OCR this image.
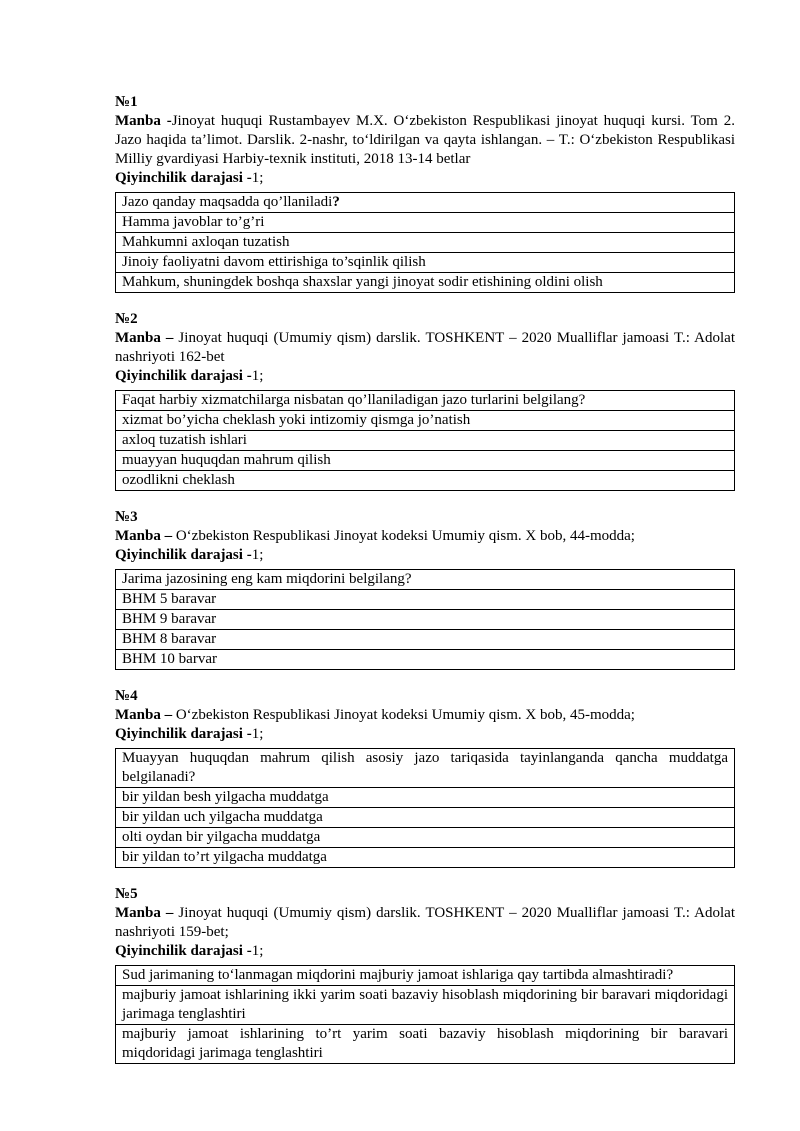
№1
Manba -Jinoyat huquqi Rustambayev M.X. O‘zbekiston Respublikasi jinoyat huquqi kursi. Tom 2. Jazo haqida ta’limot. Darslik. 2-nashr, to‘ldirilgan va qayta ishlangan. – T.: O‘zbekiston Respublikasi Milliy gvardiyasi Harbiy-texnik instituti, 2018 13-14 betlar
Qiyinchilik darajasi -1;
Jazo qanday maqsadda qo’llaniladi?
Hamma javoblar to’g’ri
Mahkumni axloqan tuzatish
Jinoiy faoliyatni davom ettirishiga to’sqinlik qilish
Mahkum, shuningdek boshqa shaxslar yangi jinoyat sodir etishining oldini olish
№2
Manba – Jinoyat huquqi (Umumiy qism) darslik. TOSHKENT – 2020 Mualliflar jamoasi T.: Adolat nashriyoti 162-bet
Qiyinchilik darajasi -1;
Faqat harbiy xizmatchilarga nisbatan qo’llaniladigan jazo turlarini belgilang?
xizmat bo’yicha cheklash yoki intizomiy qismga jo’natish
axloq tuzatish ishlari
muayyan huquqdan mahrum qilish
ozodlikni cheklash
№3
Manba – O‘zbekiston Respublikasi Jinoyat kodeksi Umumiy qism. X bob, 44-modda;
Qiyinchilik darajasi -1;
Jarima jazosining eng kam miqdorini belgilang?
BHM 5 baravar
BHM 9 baravar
BHM 8 baravar
BHM 10 barvar
№4
Manba – O‘zbekiston Respublikasi Jinoyat kodeksi Umumiy qism. X bob, 45-modda;
Qiyinchilik darajasi -1;
Muayyan huquqdan mahrum qilish asosiy jazo tariqasida tayinlanganda qancha muddatga belgilanadi?
bir yildan besh yilgacha muddatga
bir yildan uch yilgacha muddatga
olti oydan bir yilgacha muddatga
bir yildan to’rt yilgacha muddatga
№5
Manba – Jinoyat huquqi (Umumiy qism) darslik. TOSHKENT – 2020 Mualliflar jamoasi T.: Adolat nashriyoti 159-bet;
Qiyinchilik darajasi -1;
Sud jarimaning to‘lanmagan miqdorini majburiy jamoat ishlariga qay tartibda almashtiradi?
majburiy jamoat ishlarining ikki yarim soati bazaviy hisoblash miqdorining bir baravari miqdoridagi jarimaga tenglashtiri
majburiy jamoat ishlarining to’rt yarim soati bazaviy hisoblash miqdorining bir baravari miqdoridagi jarimaga tenglashtiri
